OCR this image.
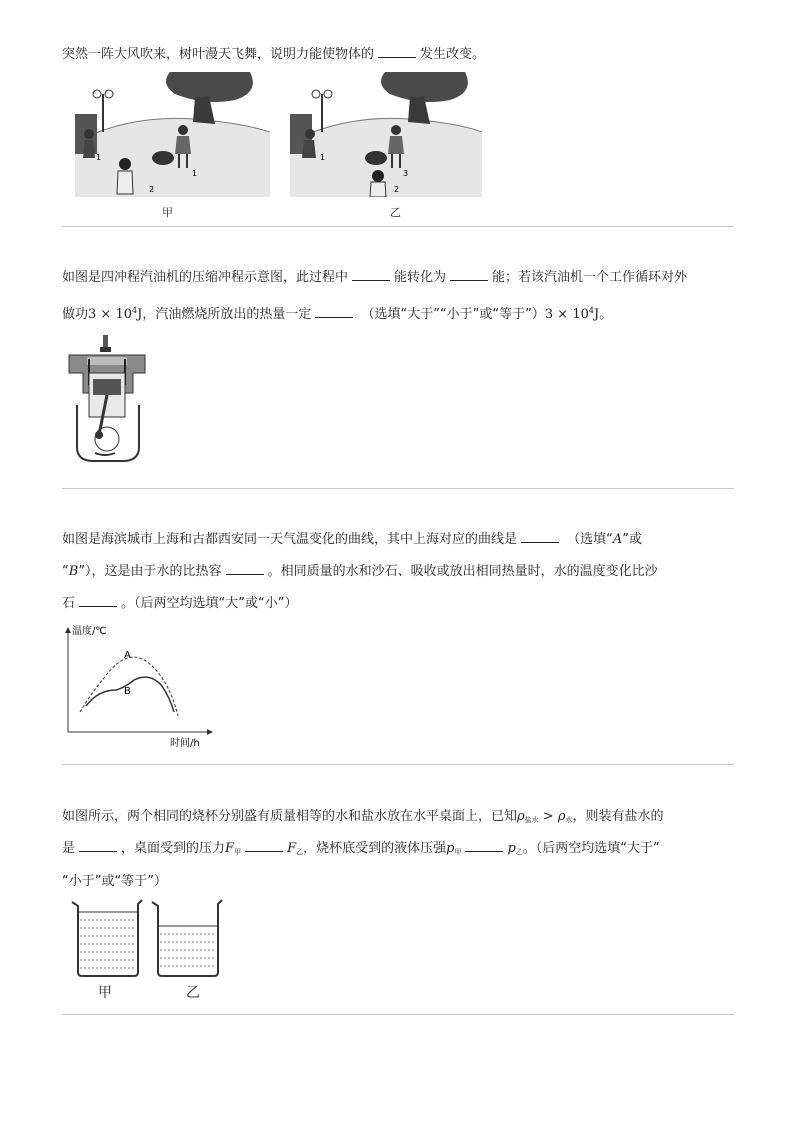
突然一阵大风吹来，树叶漫天飞舞，说明力能使物体的	发生改变。
1
1
2
甲
1
3
2
乙
如图是四冲程汽油机的压缩冲程示意图，此过程中	能转化为	能；若该汽油机一个工作循环对外
做功$3 \times 10^4J$，汽油燃烧所放出的热量一定	（选填“大于”“小于”或“等于”）3 × $10^4J$。
如图是海滨城市上海和古都西安同一天气温变化的曲线，其中上海对应的曲线是	（选填“A”或
“B”），这是由于水的比热容	。相同质量的水和沙石、吸收或放出相同热量时，水的温度变化比沙
石	。（后两空均选填“大”或“小”）
温度/℃
时间/h
A
B
如图所示，两个相同的烧杯分别盛有质量相等的水和盐水放在水平桌面上，已知$\rho_{盐水} > \rho_水$，则装有盐水的
是	，桌面受到的压力$F_甲$	$F_乙$，烧杯底受到的液体压强$p_甲$	$p_乙$。（后两空均选填“大于”
“小于”或“等于”）
甲	乙
